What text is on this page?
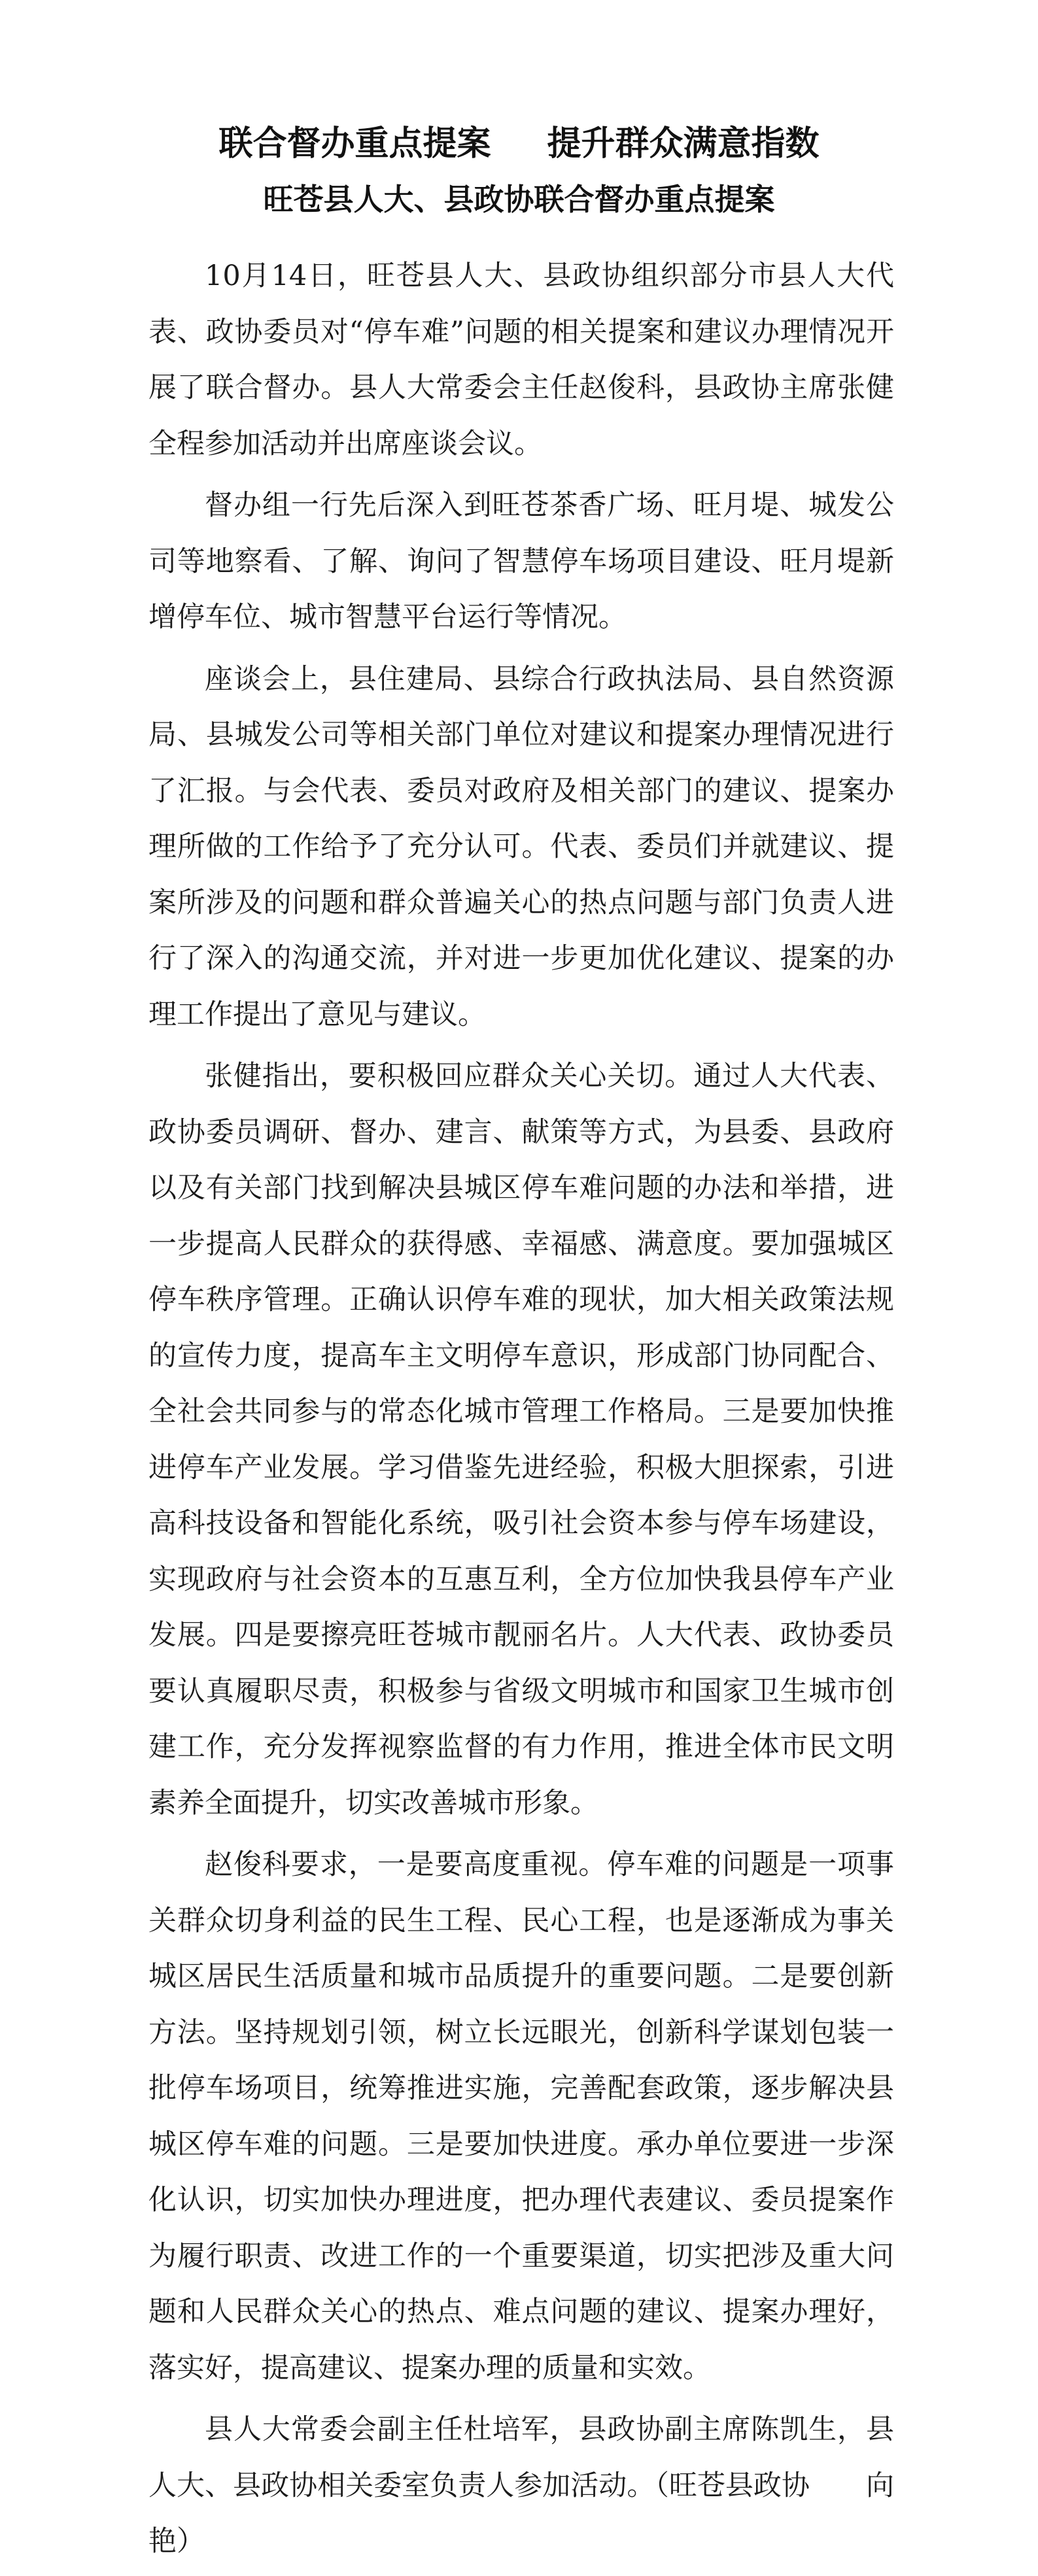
联合督办重点提案 提升群众满意指数
旺苍县人大、县政协联合督办重点提案

10月14日，旺苍县人大、县政协组织部分市县人大代表、政协委员对“停车难”问题的相关提案和建议办理情况开展了联合督办。县人大常委会主任赵俊科，县政协主席张健全程参加活动并出席座谈会议。

督办组一行先后深入到旺苍茶香广场、旺月堤、城发公司等地察看、了解、询问了智慧停车场项目建设、旺月堤新增停车位、城市智慧平台运行等情况。

座谈会上，县住建局、县综合行政执法局、县自然资源局、县城发公司等相关部门单位对建议和提案办理情况进行了汇报。与会代表、委员对政府及相关部门的建议、提案办理所做的工作给予了充分认可。代表、委员们并就建议、提案所涉及的问题和群众普遍关心的热点问题与部门负责人进行了深入的沟通交流，并对进一步更加优化建议、提案的办理工作提出了意见与建议。

张健指出，要积极回应群众关心关切。通过人大代表、政协委员调研、督办、建言、献策等方式，为县委、县政府以及有关部门找到解决县城区停车难问题的办法和举措，进一步提高人民群众的获得感、幸福感、满意度。要加强城区停车秩序管理。正确认识停车难的现状，加大相关政策法规的宣传力度，提高车主文明停车意识，形成部门协同配合、全社会共同参与的常态化城市管理工作格局。三是要加快推进停车产业发展。学习借鉴先进经验，积极大胆探索，引进高科技设备和智能化系统，吸引社会资本参与停车场建设，实现政府与社会资本的互惠互利，全方位加快我县停车产业发展。四是要擦亮旺苍城市靓丽名片。人大代表、政协委员要认真履职尽责，积极参与省级文明城市和国家卫生城市创建工作，充分发挥视察监督的有力作用，推进全体市民文明素养全面提升，切实改善城市形象。

赵俊科要求，一是要高度重视。停车难的问题是一项事关群众切身利益的民生工程、民心工程，也是逐渐成为事关城区居民生活质量和城市品质提升的重要问题。二是要创新方法。坚持规划引领，树立长远眼光，创新科学谋划包装一批停车场项目，统筹推进实施，完善配套政策，逐步解决县城区停车难的问题。三是要加快进度。承办单位要进一步深化认识，切实加快办理进度，把办理代表建议、委员提案作为履行职责、改进工作的一个重要渠道，切实把涉及重大问题和人民群众关心的热点、难点问题的建议、提案办理好，落实好，提高建议、提案办理的质量和实效。

县人大常委会副主任杜培军，县政协副主席陈凯生，县人大、县政协相关委室负责人参加活动。（旺苍县政协　　向艳）
